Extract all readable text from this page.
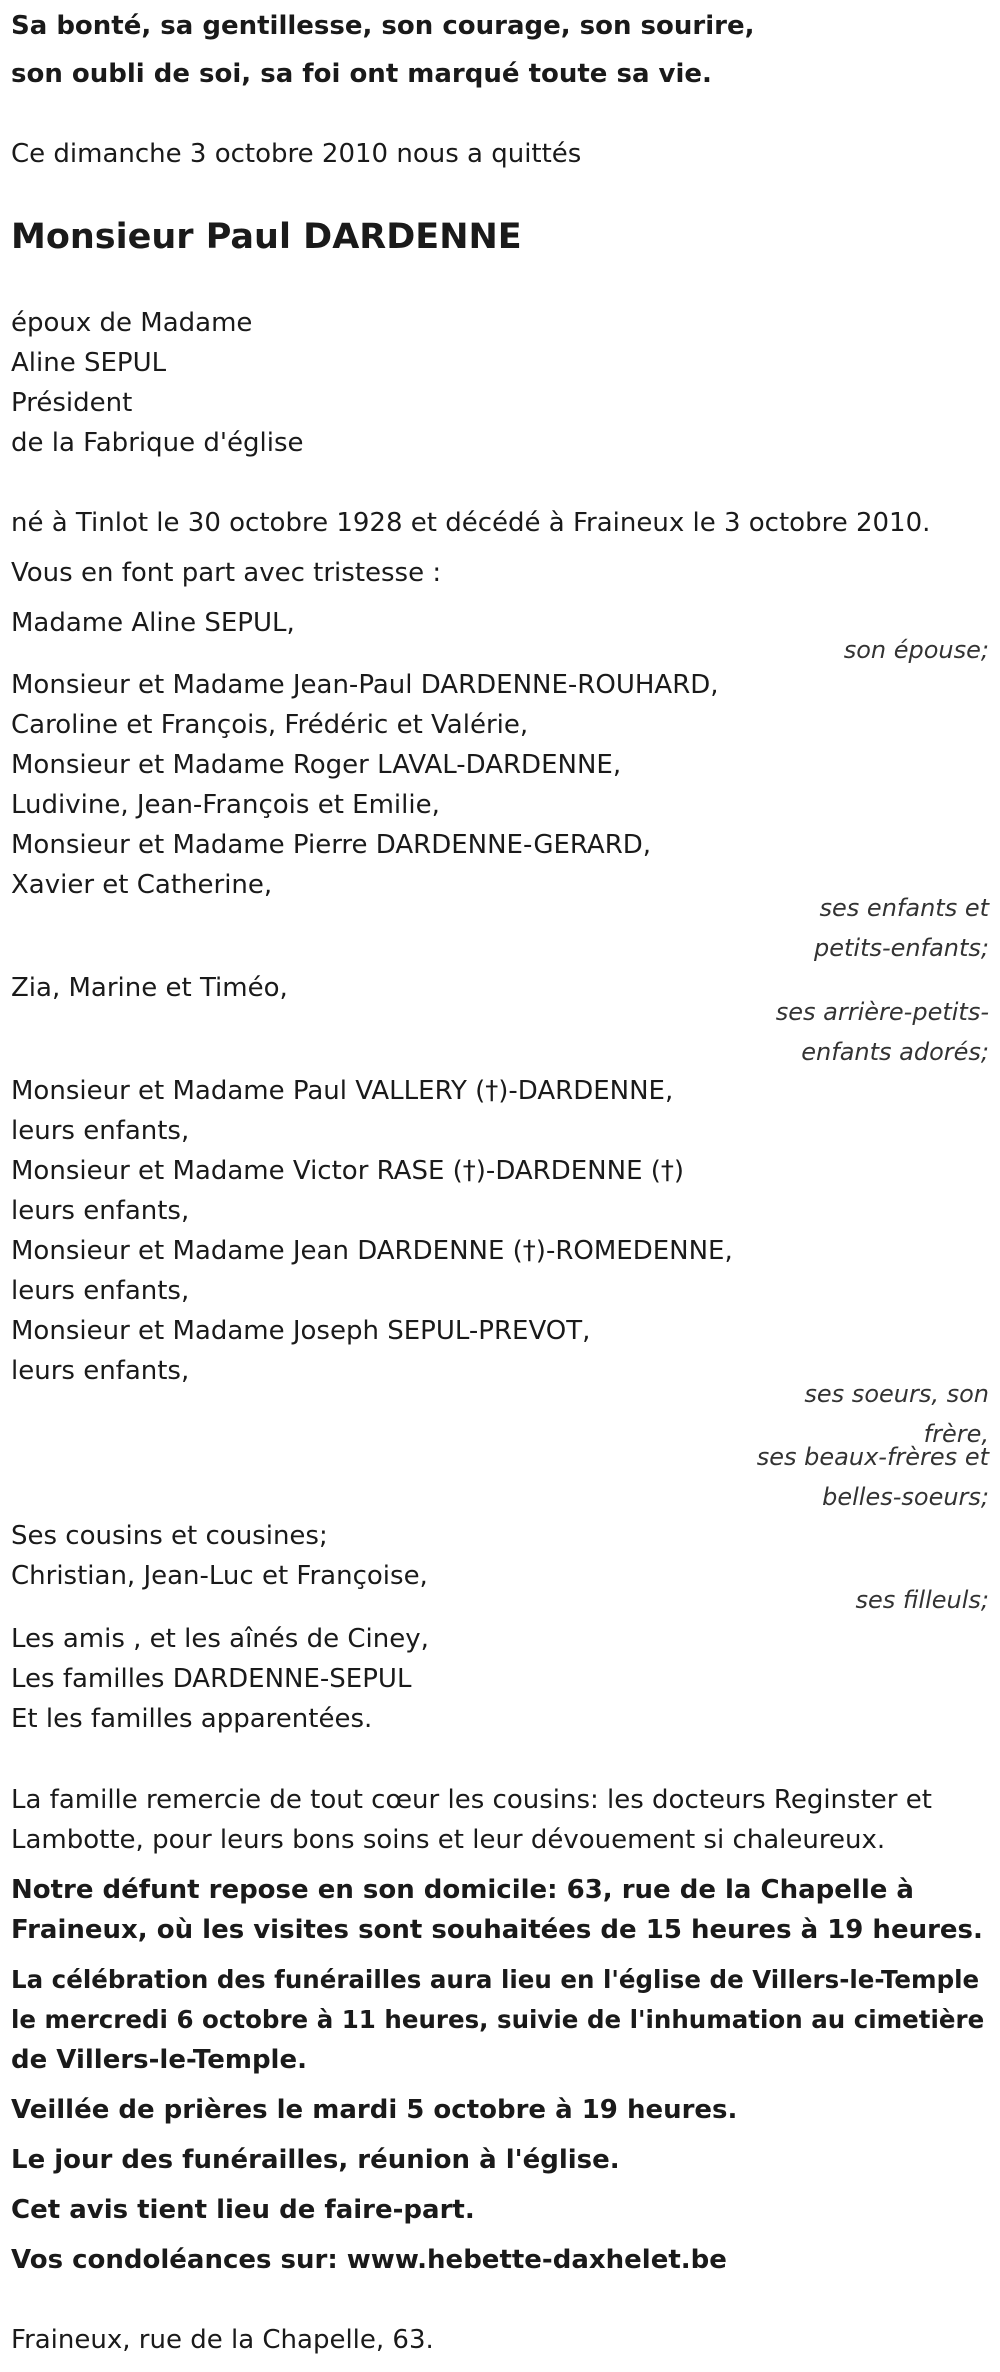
Sa bonté, sa gentillesse, son courage, son sourire,
son oubli de soi, sa foi ont marqué toute sa vie.
Ce dimanche 3 octobre 2010 nous a quittés
Monsieur Paul DARDENNE
époux de Madame
Aline SEPUL
Président
de la Fabrique d'église
né à Tinlot le 30 octobre 1928 et décédé à Fraineux le 3 octobre 2010.
Vous en font part avec tristesse :
Madame Aline SEPUL,
son épouse;
Monsieur et Madame Jean-Paul DARDENNE-ROUHARD,
Caroline et François, Frédéric et Valérie,
Monsieur et Madame Roger LAVAL-DARDENNE,
Ludivine, Jean-François et Emilie,
Monsieur et Madame Pierre DARDENNE-GERARD,
Xavier et Catherine,
ses enfants et
petits-enfants;
Zia, Marine et Timéo,
ses arrière-petits-
enfants adorés;
Monsieur et Madame Paul VALLERY (†)-DARDENNE,
leurs enfants,
Monsieur et Madame Victor RASE (†)-DARDENNE (†)
leurs enfants,
Monsieur et Madame Jean DARDENNE (†)-ROMEDENNE,
leurs enfants,
Monsieur et Madame Joseph SEPUL-PREVOT,
leurs enfants,
ses soeurs, son
frère,
ses beaux-frères et
belles-soeurs;
Ses cousins et cousines;
Christian, Jean-Luc et Françoise,
ses filleuls;
Les amis , et les aînés de Ciney,
Les familles DARDENNE-SEPUL
Et les familles apparentées.
La famille remercie de tout cœur les cousins: les docteurs Reginster et
Lambotte, pour leurs bons soins et leur dévouement si chaleureux.
Notre défunt repose en son domicile: 63, rue de la Chapelle à
Fraineux, où les visites sont souhaitées de 15 heures à 19 heures.
La célébration des funérailles aura lieu en l'église de Villers-le-Temple
le mercredi 6 octobre à 11 heures, suivie de l'inhumation au cimetière
de Villers-le-Temple.
Veillée de prières le mardi 5 octobre à 19 heures.
Le jour des funérailles, réunion à l'église.
Cet avis tient lieu de faire-part.
Vos condoléances sur: www.hebette-daxhelet.be
Fraineux, rue de la Chapelle, 63.
